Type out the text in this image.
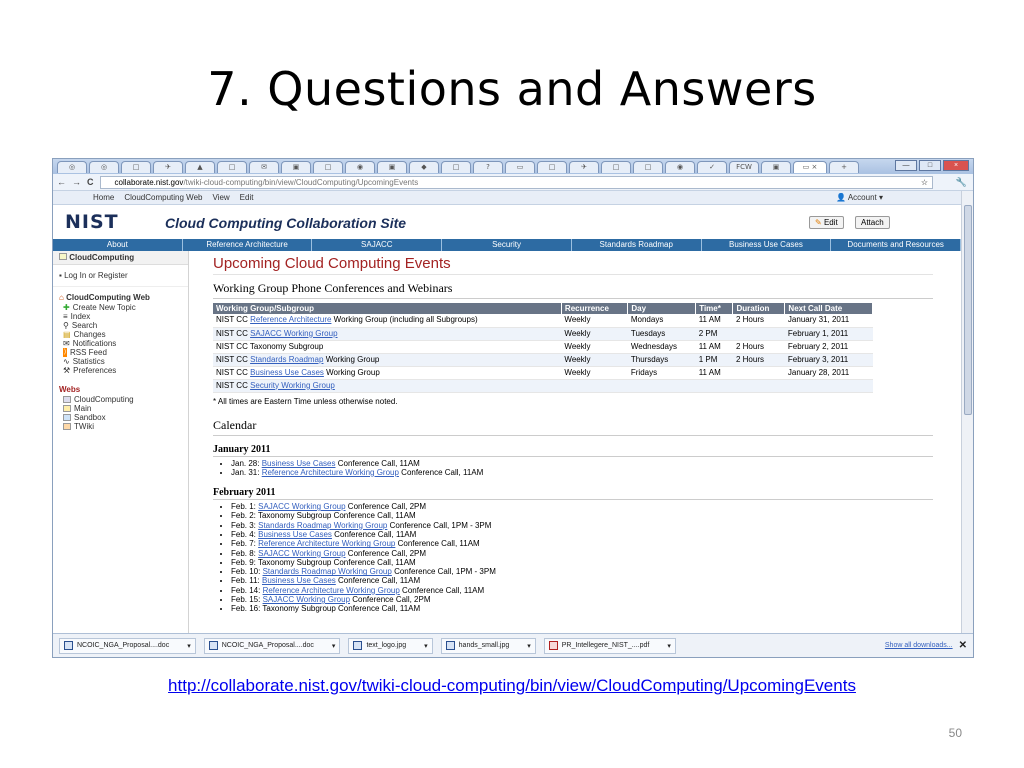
7. Questions and Answers
◎	◎	□	✈	▲	□	✉	▣	□	◉	▣	◆	□	?	▭	□	✈	□	□	◉	✓	FCW	▣	▭ ×	+	—	□	×
← → C	collaborate.nist.gov/twiki-cloud-computing/bin/view/CloudComputing/UpcomingEvents	☆	🔧
Home CloudComputing Web View Edit	👤 Account ▾
NIST	Cloud Computing Collaboration Site	✎ Edit	Attach
About	Reference Architecture	SAJACC	Security	Standards Roadmap	Business Use Cases	Documents and Resources
CloudComputing
▪ Log In or Register
⌂ CloudComputing Web
✚ Create New Topic
≡ Index
⚲ Search
▤ Changes
✉ Notifications
) RSS Feed
∿ Statistics
⚒ Preferences
Webs
CloudComputing
Main
Sandbox
TWiki
Upcoming Cloud Computing Events
Working Group Phone Conferences and Webinars
Working Group/Subgroup	Recurrence	Day	Time*	Duration	Next Call Date
NIST CC Reference Architecture Working Group (including all Subgroups)	Weekly	Mondays	11 AM	2 Hours	January 31, 2011
NIST CC SAJACC Working Group	Weekly	Tuesdays	2 PM		February 1, 2011
NIST CC Taxonomy Subgroup	Weekly	Wednesdays	11 AM	2 Hours	February 2, 2011
NIST CC Standards Roadmap Working Group	Weekly	Thursdays	1 PM	2 Hours	February 3, 2011
NIST CC Business Use Cases Working Group	Weekly	Fridays	11 AM		January 28, 2011
NIST CC Security Working Group					
* All times are Eastern Time unless otherwise noted.
Calendar
January 2011
• Jan. 28: Business Use Cases Conference Call, 11AM
• Jan. 31: Reference Architecture Working Group Conference Call, 11AM
February 2011
• Feb. 1: SAJACC Working Group Conference Call, 2PM
• Feb. 2: Taxonomy Subgroup Conference Call, 11AM
• Feb. 3: Standards Roadmap Working Group Conference Call, 1PM - 3PM
• Feb. 4: Business Use Cases Conference Call, 11AM
• Feb. 7: Reference Architecture Working Group Conference Call, 11AM
• Feb. 8: SAJACC Working Group Conference Call, 2PM
• Feb. 9: Taxonomy Subgroup Conference Call, 11AM
• Feb. 10: Standards Roadmap Working Group Conference Call, 1PM - 3PM
• Feb. 11: Business Use Cases Conference Call, 11AM
• Feb. 14: Reference Architecture Working Group Conference Call, 11AM
• Feb. 15: SAJACC Working Group Conference Call, 2PM
• Feb. 16: Taxonomy Subgroup Conference Call, 11AM
NCOIC_NGA_Proposal....doc	▾	NCOIC_NGA_Proposal....doc	▾	text_logo.jpg	▾	hands_small.jpg	▾	PR_Intellegere_NIST_....pdf	▾	Show all downloads... ✕
http://collaborate.nist.gov/twiki-cloud-computing/bin/view/CloudComputing/UpcomingEvents
50
